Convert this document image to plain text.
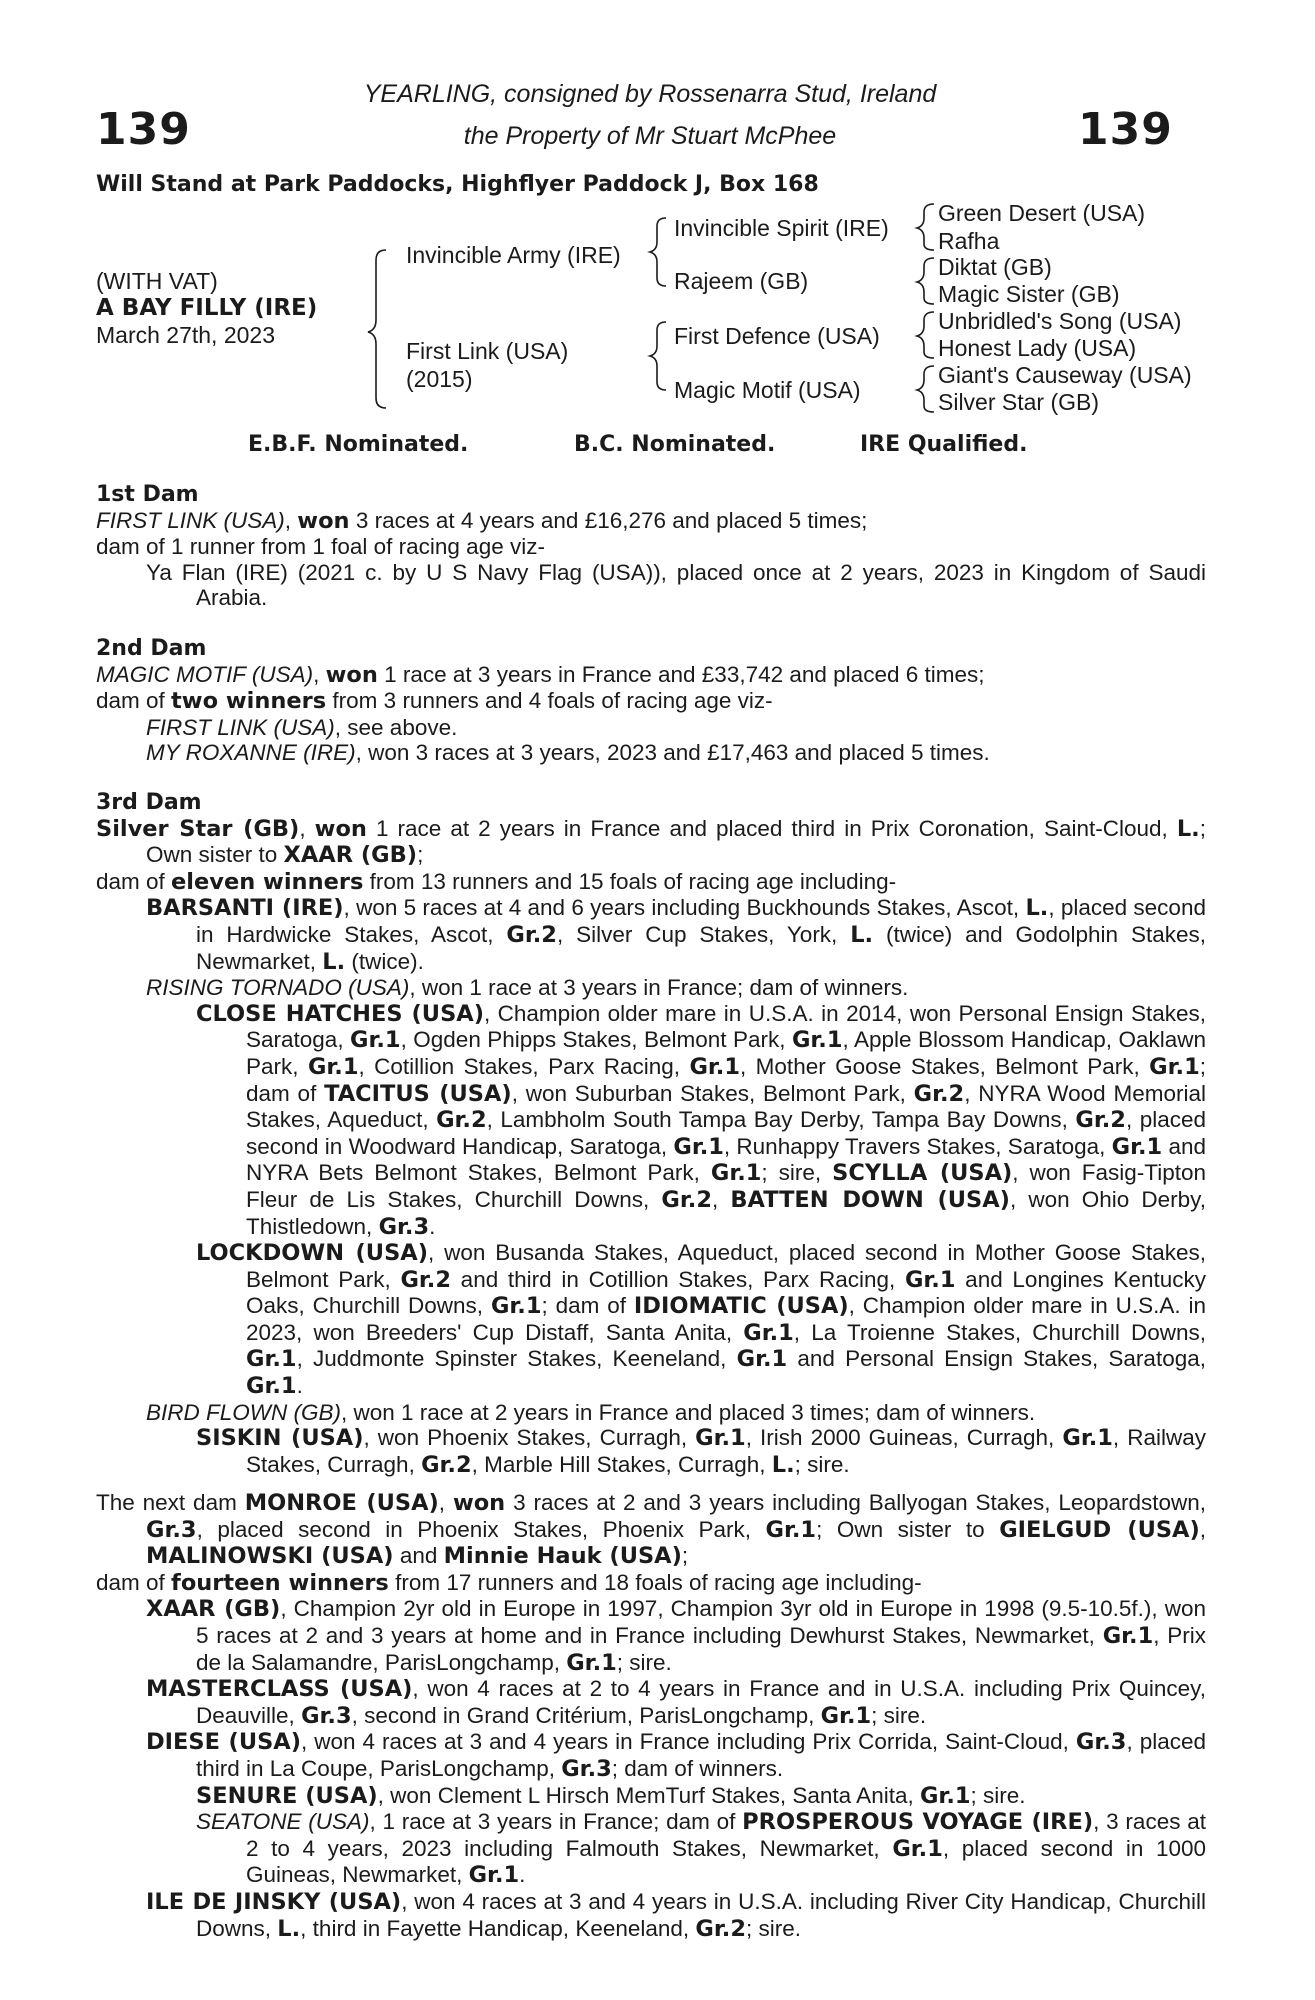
139	139
YEARLING, consigned by Rossenarra Stud, Ireland
the Property of Mr Stuart McPhee
Will Stand at Park Paddocks, Highflyer Paddock J, Box 168
(WITH VAT)
A BAY FILLY (IRE)
March 27th, 2023
Invincible Army (IRE)
First Link (USA)
(2015)
Invincible Spirit (IRE)
Rajeem (GB)
First Defence (USA)
Magic Motif (USA)
Green Desert (USA)
Rafha
Diktat (GB)
Magic Sister (GB)
Unbridled's Song (USA)
Honest Lady (USA)
Giant's Causeway (USA)
Silver Star (GB)
E.B.F. Nominated.	B.C. Nominated.	IRE Qualified.

1st Dam

FIRST LINK (USA), won 3 races at 4 years and £16,276 and placed 5 times;

dam of 1 runner from 1 foal of racing age viz-

Ya Flan (IRE) (2021 c. by U S Navy Flag (USA)), placed once at 2 years, 2023 in Kingdom of Saudi Arabia.

2nd Dam

MAGIC MOTIF (USA), won 1 race at 3 years in France and £33,742 and placed 6 times;

dam of two winners from 3 runners and 4 foals of racing age viz-

FIRST LINK (USA), see above.

MY ROXANNE (IRE), won 3 races at 3 years, 2023 and £17,463 and placed 5 times.

3rd Dam

Silver Star (GB), won 1 race at 2 years in France and placed third in Prix Coronation, Saint-Cloud, L.; Own sister to XAAR (GB);

dam of eleven winners from 13 runners and 15 foals of racing age including-

BARSANTI (IRE), won 5 races at 4 and 6 years including Buckhounds Stakes, Ascot, L., placed second in Hardwicke Stakes, Ascot, Gr.2, Silver Cup Stakes, York, L. (twice) and Godolphin Stakes, Newmarket, L. (twice).

RISING TORNADO (USA), won 1 race at 3 years in France; dam of winners.

CLOSE HATCHES (USA), Champion older mare in U.S.A. in 2014, won Personal Ensign Stakes, Saratoga, Gr.1, Ogden Phipps Stakes, Belmont Park, Gr.1, Apple Blossom Handicap, Oaklawn Park, Gr.1, Cotillion Stakes, Parx Racing, Gr.1, Mother Goose Stakes, Belmont Park, Gr.1; dam of TACITUS (USA), won Suburban Stakes, Belmont Park, Gr.2, NYRA Wood Memorial Stakes, Aqueduct, Gr.2, Lambholm South Tampa Bay Derby, Tampa Bay Downs, Gr.2, placed second in Woodward Handicap, Saratoga, Gr.1, Runhappy Travers Stakes, Saratoga, Gr.1 and NYRA Bets Belmont Stakes, Belmont Park, Gr.1; sire, SCYLLA (USA), won Fasig-Tipton Fleur de Lis Stakes, Churchill Downs, Gr.2, BATTEN DOWN (USA), won Ohio Derby, Thistledown, Gr.3.

LOCKDOWN (USA), won Busanda Stakes, Aqueduct, placed second in Mother Goose Stakes, Belmont Park, Gr.2 and third in Cotillion Stakes, Parx Racing, Gr.1 and Longines Kentucky Oaks, Churchill Downs, Gr.1; dam of IDIOMATIC (USA), Champion older mare in U.S.A. in 2023, won Breeders' Cup Distaff, Santa Anita, Gr.1, La Troienne Stakes, Churchill Downs, Gr.1, Juddmonte Spinster Stakes, Keeneland, Gr.1 and Personal Ensign Stakes, Saratoga, Gr.1.

BIRD FLOWN (GB), won 1 race at 2 years in France and placed 3 times; dam of winners.

SISKIN (USA), won Phoenix Stakes, Curragh, Gr.1, Irish 2000 Guineas, Curragh, Gr.1, Railway Stakes, Curragh, Gr.2, Marble Hill Stakes, Curragh, L.; sire.

The next dam MONROE (USA), won 3 races at 2 and 3 years including Ballyogan Stakes, Leopardstown, Gr.3, placed second in Phoenix Stakes, Phoenix Park, Gr.1; Own sister to GIELGUD (USA), MALINOWSKI (USA) and Minnie Hauk (USA);

dam of fourteen winners from 17 runners and 18 foals of racing age including-

XAAR (GB), Champion 2yr old in Europe in 1997, Champion 3yr old in Europe in 1998 (9.5-10.5f.), won 5 races at 2 and 3 years at home and in France including Dewhurst Stakes, Newmarket, Gr.1, Prix de la Salamandre, ParisLongchamp, Gr.1; sire.

MASTERCLASS (USA), won 4 races at 2 to 4 years in France and in U.S.A. including Prix Quincey, Deauville, Gr.3, second in Grand Critérium, ParisLongchamp, Gr.1; sire.

DIESE (USA), won 4 races at 3 and 4 years in France including Prix Corrida, Saint-Cloud, Gr.3, placed third in La Coupe, ParisLongchamp, Gr.3; dam of winners.

SENURE (USA), won Clement L Hirsch MemTurf Stakes, Santa Anita, Gr.1; sire.

SEATONE (USA), 1 race at 3 years in France; dam of PROSPEROUS VOYAGE (IRE), 3 races at 2 to 4 years, 2023 including Falmouth Stakes, Newmarket, Gr.1, placed second in 1000 Guineas, Newmarket, Gr.1.

ILE DE JINSKY (USA), won 4 races at 3 and 4 years in U.S.A. including River City Handicap, Churchill Downs, L., third in Fayette Handicap, Keeneland, Gr.2; sire.
